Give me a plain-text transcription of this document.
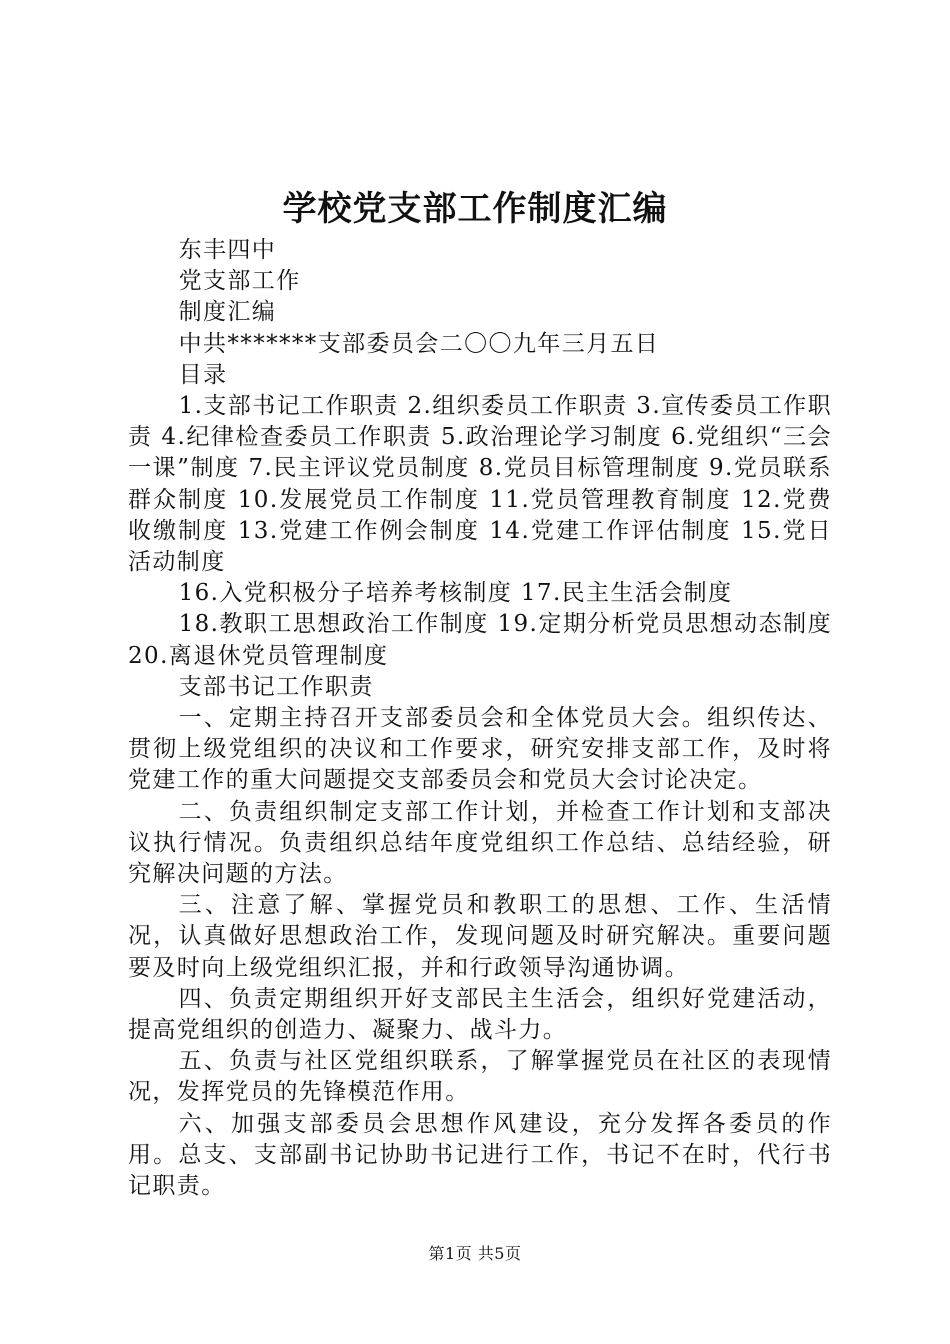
学校党支部工作制度汇编

东丰四中

党支部工作

制度汇编

中共*******支部委员会二〇〇九年三月五日

目录

1.支部书记工作职责 2.组织委员工作职责 3.宣传委员工作职责 4.纪律检查委员工作职责 5.政治理论学习制度 6.党组织“三会一课”制度 7.民主评议党员制度 8.党员目标管理制度 9.党员联系群众制度 10.发展党员工作制度 11.党员管理教育制度 12.党费收缴制度 13.党建工作例会制度 14.党建工作评估制度 15.党日活动制度

16.入党积极分子培养考核制度 17.民主生活会制度

18.教职工思想政治工作制度 19.定期分析党员思想动态制度 20.离退休党员管理制度

支部书记工作职责

一、定期主持召开支部委员会和全体党员大会。组织传达、贯彻上级党组织的决议和工作要求，研究安排支部工作，及时将党建工作的重大问题提交支部委员会和党员大会讨论决定。

二、负责组织制定支部工作计划，并检查工作计划和支部决议执行情况。负责组织总结年度党组织工作总结、总结经验，研究解决问题的方法。

三、注意了解、掌握党员和教职工的思想、工作、生活情况，认真做好思想政治工作，发现问题及时研究解决。重要问题要及时向上级党组织汇报，并和行政领导沟通协调。

四、负责定期组织开好支部民主生活会，组织好党建活动，提高党组织的创造力、凝聚力、战斗力。

五、负责与社区党组织联系，了解掌握党员在社区的表现情况，发挥党员的先锋模范作用。

六、加强支部委员会思想作风建设，充分发挥各委员的作用。总支、支部副书记协助书记进行工作，书记不在时，代行书记职责。

第1页 共5页
